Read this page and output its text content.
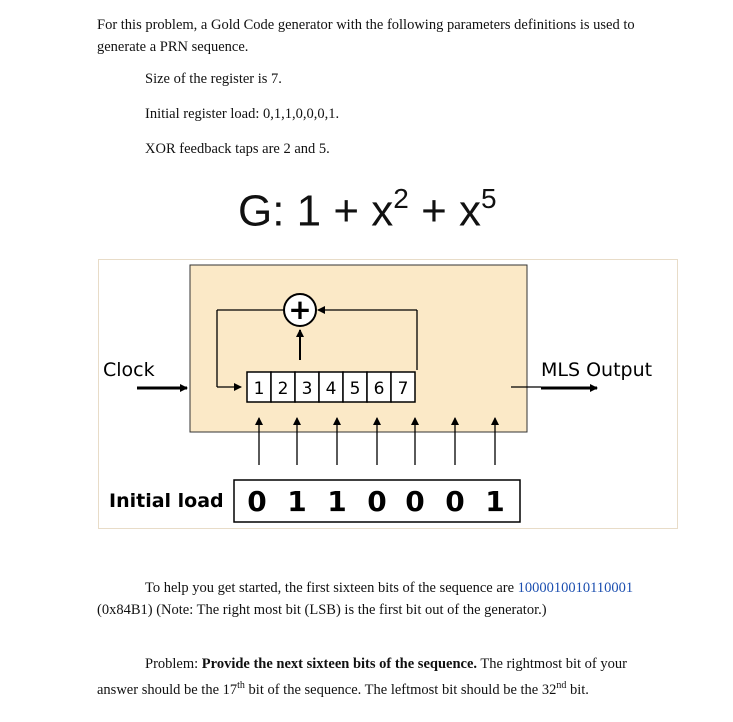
For this problem, a Gold Code generator with the following parameters definitions is used to generate a PRN sequence.
Size of the register is 7.
Initial register load: 0,1,1,0,0,0,1.
XOR feedback taps are 2 and 5.
G: $1 + x^2 + x^5$
+
1 2 3 4 5 6 7
Clock	MLS Output
Initial load 0 1 1 0 0 0 1
To help you get started, the first sixteen bits of the sequence are 1000010010110001 (0x84B1) (Note: The right most bit (LSB) is the first bit out of the generator.)
Problem: Provide the next sixteen bits of the sequence. The rightmost bit of your answer should be the 17th bit of the sequence. The leftmost bit should be the 32nd bit.
